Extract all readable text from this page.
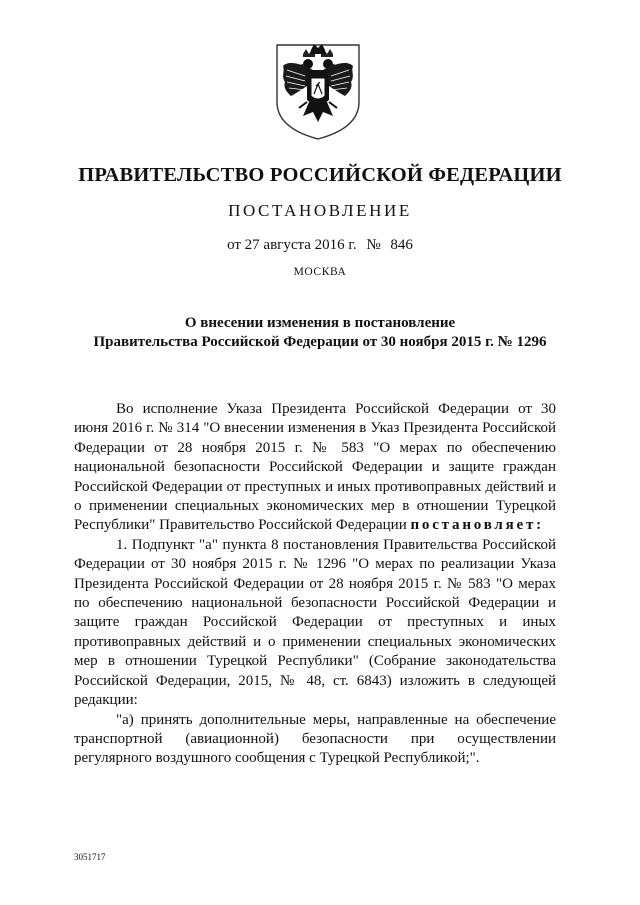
ПРАВИТЕЛЬСТВО РОССИЙСКОЙ ФЕДЕРАЦИИ
ПОСТАНОВЛЕНИЕ
от 27 августа 2016 г. № 846
МОСКВА
О внесении изменения в постановление
Правительства Российской Федерации от 30 ноября 2015 г. № 1296

Во исполнение Указа Президента Российской Федерации от 30 июня 2016 г. № 314 "О внесении изменения в Указ Президента Российской Федерации от 28 ноября 2015 г. № 583 "О мерах по обеспечению национальной безопасности Российской Федерации и защите граждан Российской Федерации от преступных и иных противоправных действий и о применении специальных экономических мер в отношении Турецкой Республики" Правительство Российской Федерации постановляет:

1. Подпункт "а" пункта 8 постановления Правительства Российской Федерации от 30 ноября 2015 г. № 1296 "О мерах по реализации Указа Президента Российской Федерации от 28 ноября 2015 г. № 583 "О мерах по обеспечению национальной безопасности Российской Федерации и защите граждан Российской Федерации от преступных и иных противоправных действий и о применении специальных экономических мер в отношении Турецкой Республики" (Собрание законодательства Российской Федерации, 2015, № 48, ст. 6843) изложить в следующей редакции:

"а) принять дополнительные меры, направленные на обеспечение транспортной (авиационной) безопасности при осуществлении регулярного воздушного сообщения с Турецкой Республикой;".

3051717
